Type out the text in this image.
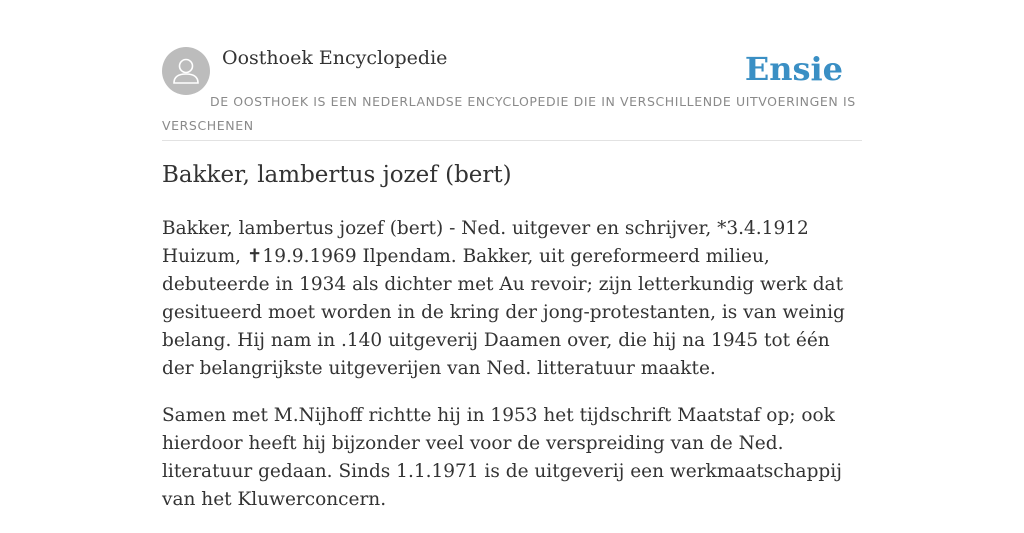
Oosthoek Encyclopedie	Ensie
DE OOSTHOEK IS EEN NEDERLANDSE ENCYCLOPEDIE DIE IN VERSCHILLENDE UITVOERINGEN IS VERSCHENEN
Bakker, lambertus jozef (bert)

Bakker, lambertus jozef (bert) - Ned. uitgever en schrijver, *3.4.1912 Huizum, ✝19.9.1969 Ilpendam. Bakker, uit gereformeerd milieu, debuteerde in 1934 als dichter met Au revoir; zijn letterkundig werk dat gesitueerd moet worden in de kring der jong-protestanten, is van weinig belang. Hij nam in .140 uitgeverij Daamen over, die hij na 1945 tot één der belangrijkste uitgeverijen van Ned. litteratuur maakte.

Samen met M.Nijhoff richtte hij in 1953 het tijdschrift Maatstaf op; ook hierdoor heeft hij bijzonder veel voor de verspreiding van de Ned. literatuur gedaan. Sinds 1.1.1971 is de uitgeverij een werkmaatschappij van het Kluwerconcern.
